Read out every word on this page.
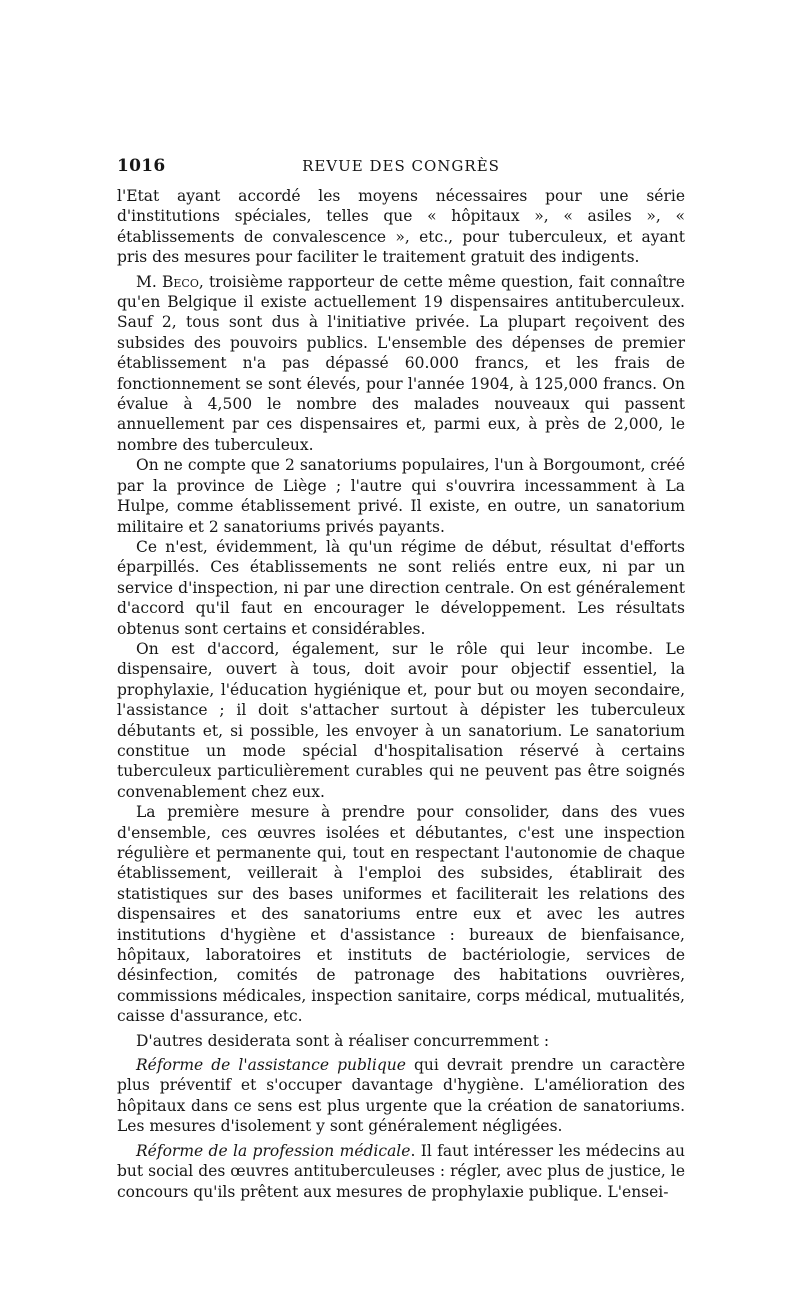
1016	REVUE DES CONGRÈS

l'Etat ayant accordé les moyens nécessaires pour une série d'institutions spéciales, telles que « hôpitaux », « asiles », « établissements de convalescence », etc., pour tuberculeux, et ayant pris des mesures pour faciliter le traitement gratuit des indigents.

M. Beco, troisième rapporteur de cette même question, fait connaître qu'en Belgique il existe actuellement 19 dispensaires antituberculeux. Sauf 2, tous sont dus à l'initiative privée. La plupart reçoivent des subsides des pouvoirs publics. L'ensemble des dépenses de premier établissement n'a pas dépassé 60.000 francs, et les frais de fonctionnement se sont élevés, pour l'année 1904, à 125,000 francs. On évalue à 4,500 le nombre des malades nouveaux qui passent annuellement par ces dispensaires et, parmi eux, à près de 2,000, le nombre des tuberculeux.

On ne compte que 2 sanatoriums populaires, l'un à Borgoumont, créé par la province de Liège ; l'autre qui s'ouvrira incessamment à La Hulpe, comme établissement privé. Il existe, en outre, un sanatorium militaire et 2 sanatoriums privés payants.

Ce n'est, évidemment, là qu'un régime de début, résultat d'efforts éparpillés. Ces établissements ne sont reliés entre eux, ni par un service d'inspection, ni par une direction centrale. On est généralement d'accord qu'il faut en encourager le développement. Les résultats obtenus sont certains et considérables.

On est d'accord, également, sur le rôle qui leur incombe. Le dispensaire, ouvert à tous, doit avoir pour objectif essentiel, la prophylaxie, l'éducation hygiénique et, pour but ou moyen secondaire, l'assistance ; il doit s'attacher surtout à dépister les tuberculeux débutants et, si possible, les envoyer à un sanatorium. Le sanatorium constitue un mode spécial d'hospitalisation réservé à certains tuberculeux particulièrement curables qui ne peuvent pas être soignés convenablement chez eux.

La première mesure à prendre pour consolider, dans des vues d'ensemble, ces œuvres isolées et débutantes, c'est une inspection régulière et permanente qui, tout en respectant l'autonomie de chaque établissement, veillerait à l'emploi des subsides, établirait des statistiques sur des bases uniformes et faciliterait les relations des dispensaires et des sanatoriums entre eux et avec les autres institutions d'hygiène et d'assistance : bureaux de bienfaisance, hôpitaux, laboratoires et instituts de bactériologie, services de désinfection, comités de patronage des habitations ouvrières, commissions médicales, inspection sanitaire, corps médical, mutualités, caisse d'assurance, etc.

D'autres desiderata sont à réaliser concurremment :

Réforme de l'assistance publique qui devrait prendre un caractère plus préventif et s'occuper davantage d'hygiène. L'amélioration des hôpitaux dans ce sens est plus urgente que la création de sanatoriums. Les mesures d'isolement y sont généralement négligées.

Réforme de la profession médicale. Il faut intéresser les médecins au but social des œuvres antituberculeuses : régler, avec plus de justice, le concours qu'ils prêtent aux mesures de prophylaxie publique. L'ensei-
